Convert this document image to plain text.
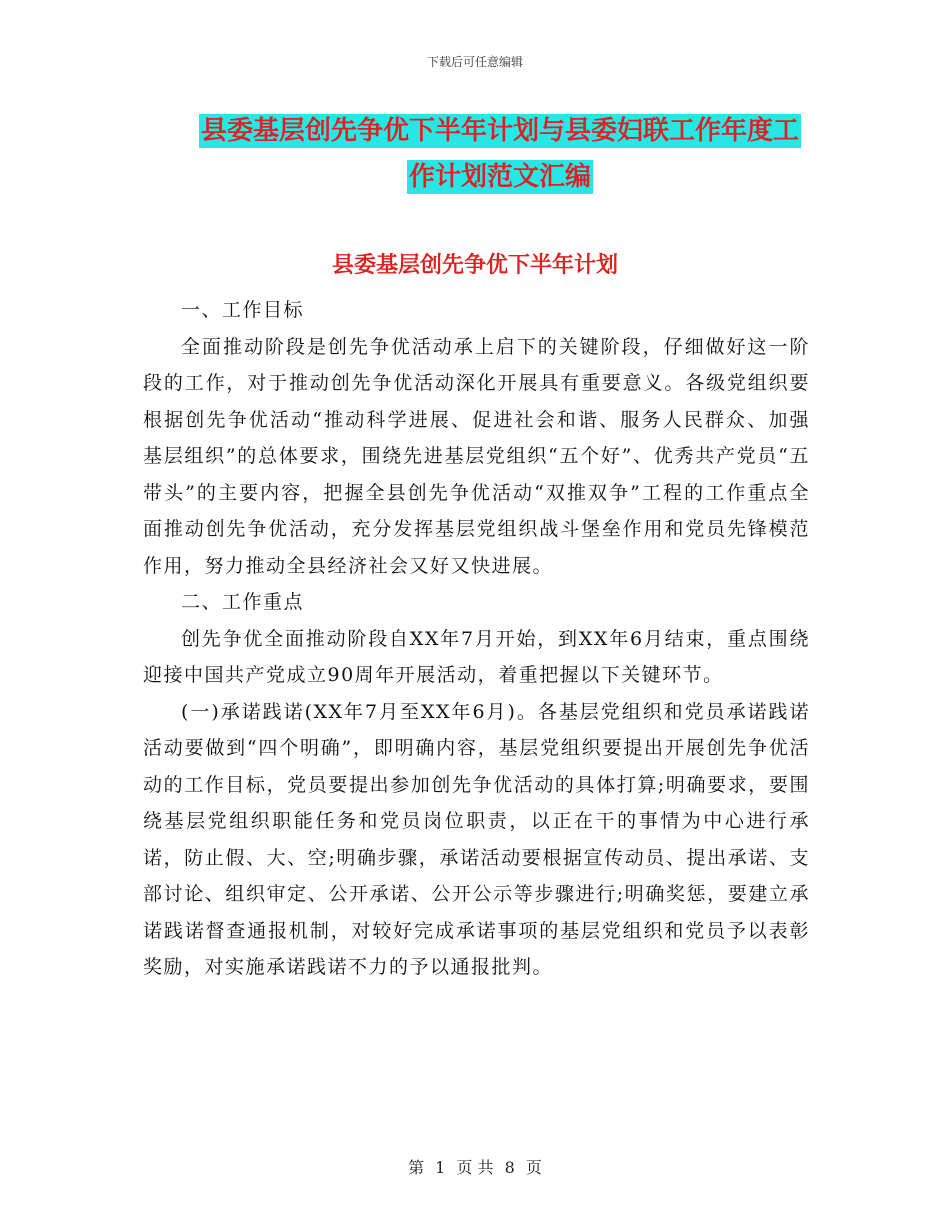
下载后可任意编辑
县委基层创先争优下半年计划与县委妇联工作年度工作计划范文汇编
县委基层创先争优下半年计划

一、工作目标

全面推动阶段是创先争优活动承上启下的关键阶段，仔细做好这一阶段的工作，对于推动创先争优活动深化开展具有重要意义。各级党组织要根据创先争优活动“推动科学进展、促进社会和谐、服务人民群众、加强基层组织”的总体要求，围绕先进基层党组织“五个好”、优秀共产党员“五带头”的主要内容，把握全县创先争优活动“双推双争”工程的工作重点全面推动创先争优活动，充分发挥基层党组织战斗堡垒作用和党员先锋模范作用，努力推动全县经济社会又好又快进展。

二、工作重点

创先争优全面推动阶段自XX年7月开始，到XX年6月结束，重点围绕迎接中国共产党成立90周年开展活动，着重把握以下关键环节。

(一)承诺践诺(XX年7月至XX年6月)。各基层党组织和党员承诺践诺活动要做到“四个明确”，即明确内容，基层党组织要提出开展创先争优活动的工作目标，党员要提出参加创先争优活动的具体打算;明确要求，要围绕基层党组织职能任务和党员岗位职责，以正在干的事情为中心进行承诺，防止假、大、空;明确步骤，承诺活动要根据宣传动员、提出承诺、支部讨论、组织审定、公开承诺、公开公示等步骤进行;明确奖惩，要建立承诺践诺督查通报机制，对较好完成承诺事项的基层党组织和党员予以表彰奖励，对实施承诺践诺不力的予以通报批判。

第 1 页 共 8 页
